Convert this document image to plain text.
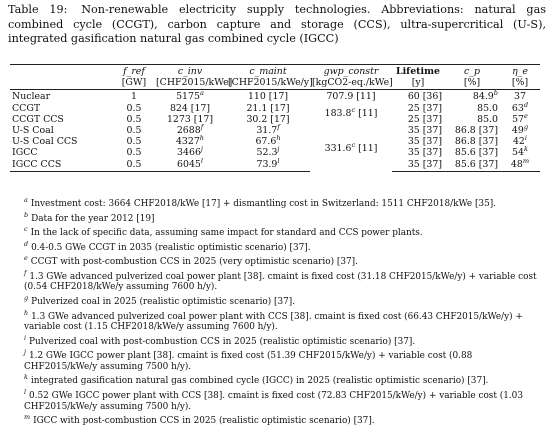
Table 19: Non-renewable electricity supply technologies. Abbreviations: natural gas combined cycle (CCGT), carbon capture and storage (CCS), ultra-supercritical (U-S), integrated gasification natural gas combined cycle (IGCC)
	f_ref	c_inv	c_maint	gwp_constr	Lifetime	c_p	η_e
	[GW]	[CHF2015/kWe]	[CHF2015/kWe/y]	[kgCO2-eq./kWe]	[y]	[%]	[%]
Nuclear	1	5175$^a$	110 [17]	707.9 [11]	60 [36]	84.9$^b$	37
CCGT	0.5	824 [17]	21.1 [17]	183.8$^c$ [11]	25 [37]	85.0	63$^d$
CCGT CCS	0.5	1273 [17]	30.2 [17]		25 [37]	85.0	57e
U-S Coal	0.5	2688$^f$	31.7$^f$	331.6$^c$ [11]	35 [37]	86.8 [37]	49$^g$
U-S Coal CCS	0.5	4327$^h$	67.6$^h$		35 [37]	86.8 [37]	42$^i$
IGCC	0.5	3466$^j$	52.3$^j$		35 [37]	85.6 [37]	54$^k$
IGCC CCS	0.5	6045$^l$	73.9$^l$		35 [37]	85.6 [37]	48$^m$

$^a$ Investment cost: 3664 CHF2018/kWe [17] + dismantling cost in Switzerland: 1511 CHF2018/kWe [35].

$^b$ Data for the year 2012 [19]

$^c$ In the lack of specific data, assuming same impact for standard and CCS power plants.

$^d$ 0.4-0.5 GWe CCGT in 2035 (realistic optimistic scenario) [37].

$^e$ CCGT with post-combustion CCS in 2025 (very optimistic scenario) [37].

$^f$ 1.3 GWe advanced pulverized coal power plant [38]. cmaint is fixed cost (31.18 CHF2015/kWe/y) + variable cost (0.54 CHF2018/kWe/y assuming 7600 h/y).

$^g$ Pulverized coal in 2025 (realistic optimistic scenario) [37].

$^h$ 1.3 GWe advanced pulverized coal power plant with CCS [38]. cmaint is fixed cost (66.43 CHF2015/kWe/y) + variable cost (1.15 CHF2018/kWe/y assuming 7600 h/y).

$^i$ Pulverized coal with post-combustion CCS in 2025 (realistic optimistic scenario) [37].

$^j$ 1.2 GWe IGCC power plant [38]. cmaint is fixed cost (51.39 CHF2015/kWe/y) + variable cost (0.88 CHF2015/kWe/y assuming 7500 h/y).

$^k$ integrated gasification natural gas combined cycle (IGCC) in 2025 (realistic optimistic scenario) [37].

$^l$ 0.52 GWe IGCC power plant with CCS [38]. cmaint is fixed cost (72.83 CHF2015/kWe/y) + variable cost (1.03 CHF2015/kWe/y assuming 7500 h/y).

$^m$ IGCC with post-combustion CCS in 2025 (realistic optimistic scenario) [37].
